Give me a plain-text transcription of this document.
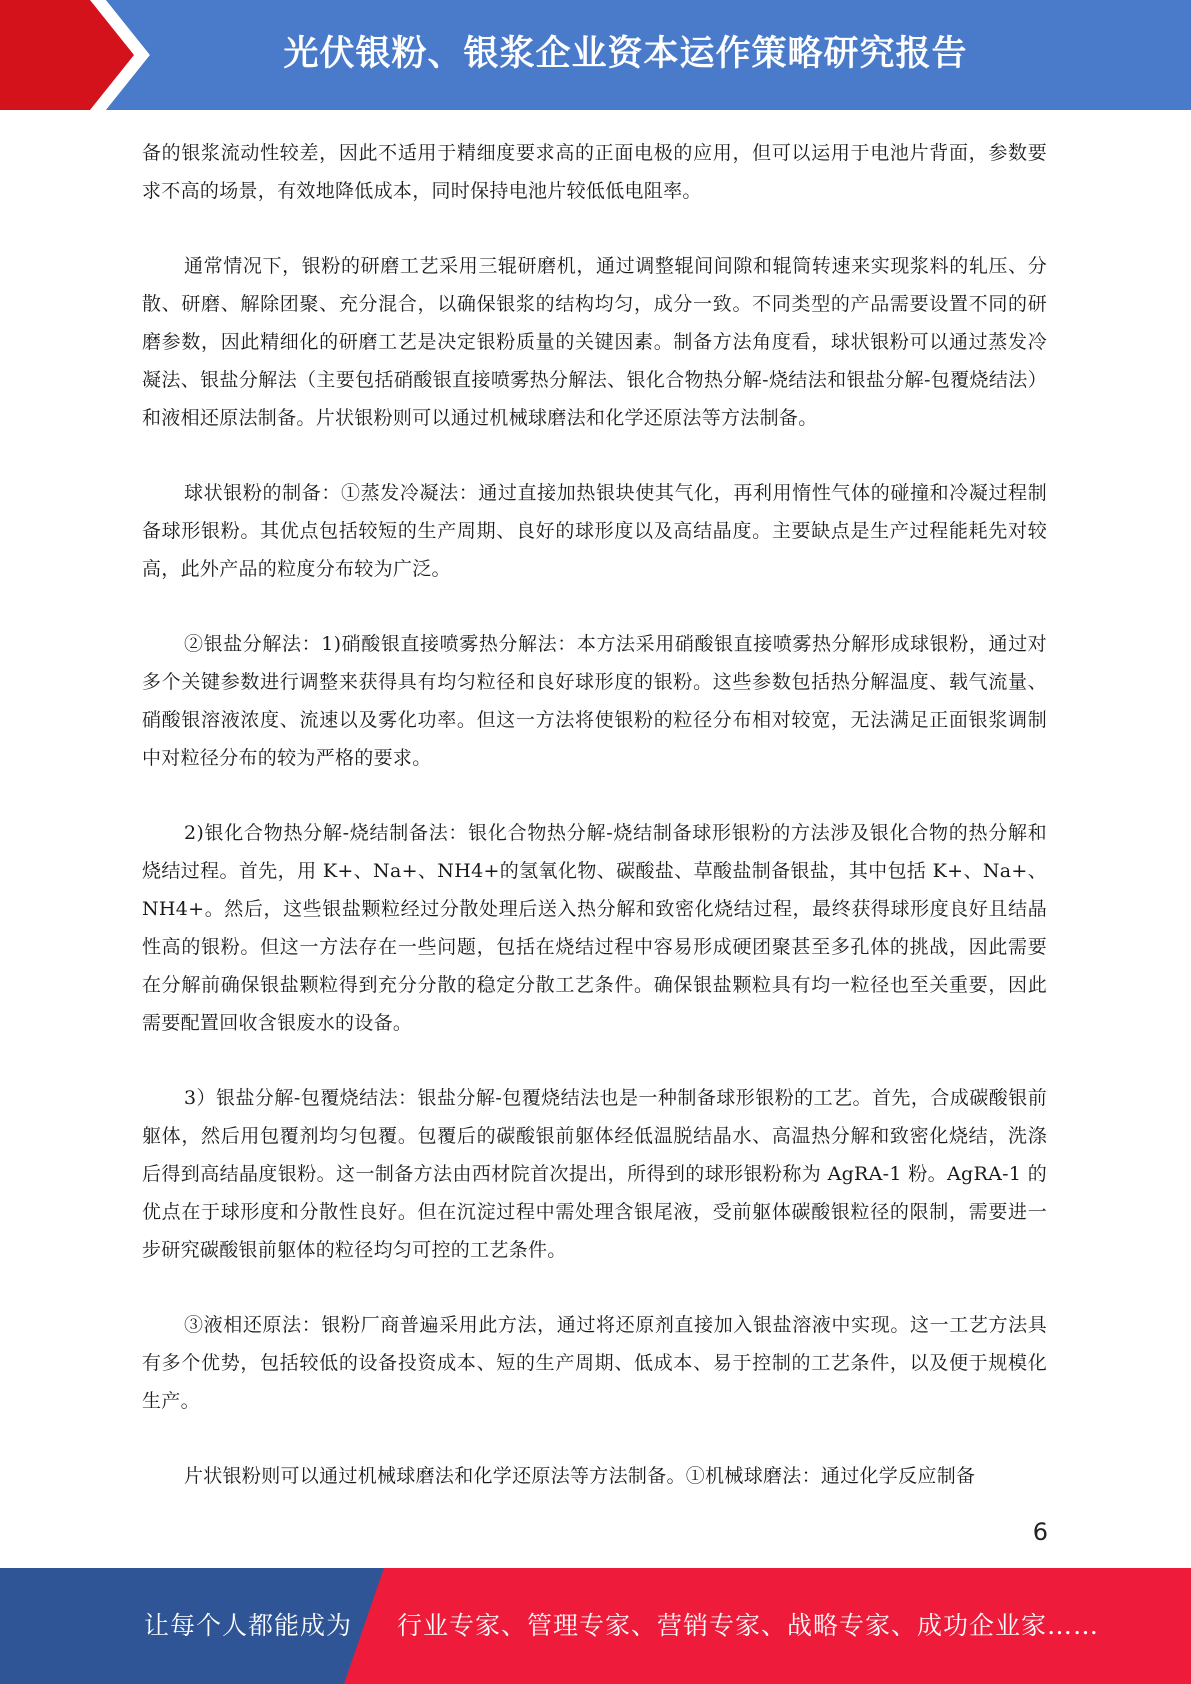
光伏银粉、银浆企业资本运作策略研究报告

备的银浆流动性较差，因此不适用于精细度要求高的正面电极的应用，但可以运用于电池片背面，参数要求不高的场景，有效地降低成本，同时保持电池片较低低电阻率。

通常情况下，银粉的研磨工艺采用三辊研磨机，通过调整辊间间隙和辊筒转速来实现浆料的轧压、分散、研磨、解除团聚、充分混合，以确保银浆的结构均匀，成分一致。不同类型的产品需要设置不同的研磨参数，因此精细化的研磨工艺是决定银粉质量的关键因素。制备方法角度看，球状银粉可以通过蒸发冷凝法、银盐分解法（主要包括硝酸银直接喷雾热分解法、银化合物热分解-烧结法和银盐分解-包覆烧结法）和液相还原法制备。片状银粉则可以通过机械球磨法和化学还原法等方法制备。

球状银粉的制备：①蒸发冷凝法：通过直接加热银块使其气化，再利用惰性气体的碰撞和冷凝过程制备球形银粉。其优点包括较短的生产周期、良好的球形度以及高结晶度。主要缺点是生产过程能耗先对较高，此外产品的粒度分布较为广泛。

②银盐分解法：1)硝酸银直接喷雾热分解法：本方法采用硝酸银直接喷雾热分解形成球银粉，通过对多个关键参数进行调整来获得具有均匀粒径和良好球形度的银粉。这些参数包括热分解温度、载气流量、硝酸银溶液浓度、流速以及雾化功率。但这一方法将使银粉的粒径分布相对较宽，无法满足正面银浆调制中对粒径分布的较为严格的要求。

2)银化合物热分解-烧结制备法：银化合物热分解-烧结制备球形银粉的方法涉及银化合物的热分解和烧结过程。首先，用 K+、Na+、NH4+的氢氧化物、碳酸盐、草酸盐制备银盐，其中包括 K+、Na+、NH4+。然后，这些银盐颗粒经过分散处理后送入热分解和致密化烧结过程，最终获得球形度良好且结晶性高的银粉。但这一方法存在一些问题，包括在烧结过程中容易形成硬团聚甚至多孔体的挑战，因此需要在分解前确保银盐颗粒得到充分分散的稳定分散工艺条件。确保银盐颗粒具有均一粒径也至关重要，因此需要配置回收含银废水的设备。

3）银盐分解-包覆烧结法：银盐分解-包覆烧结法也是一种制备球形银粉的工艺。首先，合成碳酸银前躯体，然后用包覆剂均匀包覆。包覆后的碳酸银前躯体经低温脱结晶水、高温热分解和致密化烧结，洗涤后得到高结晶度银粉。这一制备方法由西材院首次提出，所得到的球形银粉称为 AgRA-1 粉。AgRA-1 的优点在于球形度和分散性良好。但在沉淀过程中需处理含银尾液，受前躯体碳酸银粒径的限制，需要进一步研究碳酸银前躯体的粒径均匀可控的工艺条件。

③液相还原法：银粉厂商普遍采用此方法，通过将还原剂直接加入银盐溶液中实现。这一工艺方法具有多个优势，包括较低的设备投资成本、短的生产周期、低成本、易于控制的工艺条件，以及便于规模化生产。

片状银粉则可以通过机械球磨法和化学还原法等方法制备。①机械球磨法：通过化学反应制备

6
让每个人都能成为 行业专家、管理专家、营销专家、战略专家、成功企业家……
